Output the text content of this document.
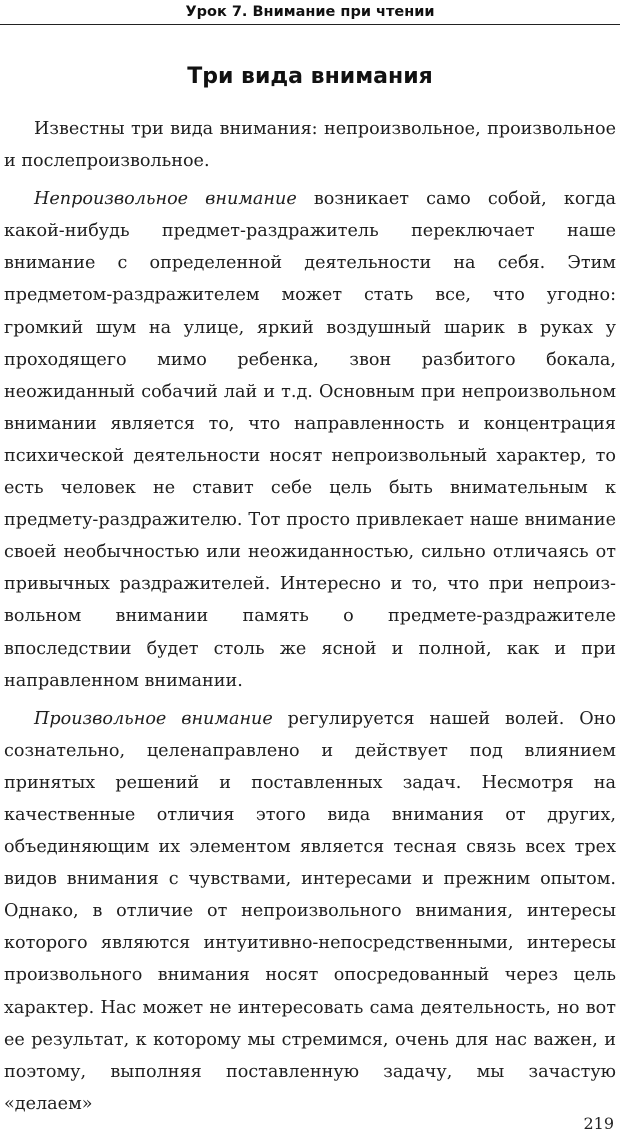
Урок 7. Внимание при чтении
Три вида внимания

Известны три вида внимания: непроизвольное, произвольное и послепроизвольное.

Непроизвольное внимание возникает само собой, когда какой-нибудь предмет-раздражитель переключает наше внимание с определенной деятельности на себя. Этим предметом-раздражителем может стать все, что угодно: громкий шум на улице, яркий воздушный шарик в руках у проходящего мимо ребенка, звон разбитого бокала, неожиданный собачий лай и т.д. Основным при непроизвольном внимании является то, что направленность и концентрация психической деятельности носят непроизвольный характер, то есть человек не ставит себе цель быть внимательным к предмету-раздражителю. Тот просто привлекает наше внимание своей необычностью или неожиданностью, сильно отличаясь от привычных раздражителей. Интересно и то, что при непроизвольном внимании память о предмете-раздражителе впоследствии будет столь же ясной и полной, как и при направленном внимании.

Произвольное внимание регулируется нашей волей. Оно сознательно, целенаправлено и действует под влиянием принятых решений и поставленных задач. Несмотря на качественные отличия этого вида внимания от других, объединяющим их элементом является тесная связь всех трех видов внимания с чувствами, интересами и прежним опытом. Однако, в отличие от непроизвольного внимания, интересы которого являются интуитивно-непосредственными, интересы произвольного внимания носят опосредованный через цель характер. Нас может не интересовать сама деятельность, но вот ее результат, к которому мы стремимся, очень для нас важен, и поэтому, выполняя поставленную задачу, мы зачастую «делаем»

219
